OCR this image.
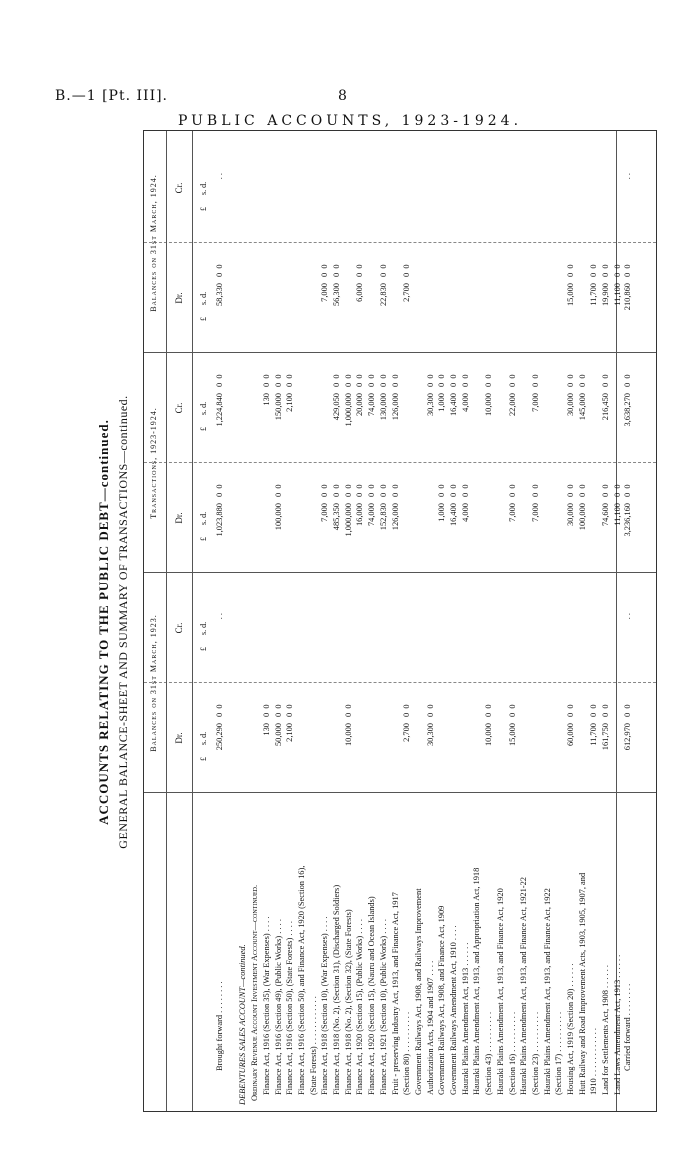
B.—1 [Pt. III].	8
PUBLIC ACCOUNTS, 1923-1924.
ACCOUNTS RELATING TO THE PUBLIC DEBT—continued. GENERAL BALANCE-SHEET AND SUMMARY OF TRANSACTIONS—continued. Balances on 31st March, 1923.
Transactions, 1923-1924.
Balances on 31st March, 1924.
Dr.
Cr.
Dr.
Cr.
Dr.
Cr.
£      s. d.
£      s. d.
£      s. d.
£      s. d.
£      s. d.
£      s. d.
Brought forward . . . . . . . .
250,290
0  0
. .
1,023,880
0  0
1,224,840
0  0
58,330
0  0
. .
DEBENTURES SALES ACCOUNT—continued. Ordinary Revenue Account Investment Account—continued. Finance Act, 1916 (Section 35), (War Expenses) . . . .
130
0  0
130
0  0
Finance Act, 1916 (Section 49), (Public Works) . . . .
50,000
0  0
100,000
0  0
150,000
0  0
Finance Act, 1916 (Section 50), (State Forests) . . . .
2,100
0  0
2,100
0  0
Finance Act, 1916 (Section 50), and Finance Act, 1920 (Section 16), (State Forests) . . . . . . . . . . . . Finance Act, 1918 (Section 10), (War Expenses) . . . .
7,000
0  0
7,000
0  0
Finance Act, 1918 (No. 2), (Section 31), (Discharged Soldiers)
485,350
0  0
429,050
0  0
56,300
0  0
Finance Act, 1918 (No. 2), (Section 32), (State Forests)
10,000
0  0
1,000,000
0  0
1,000,000
0  0
Finance Act, 1920 (Section 15), (Public Works) . . . .
16,000
0  0
20,000
0  0
6,000
0  0
Finance Act, 1920 (Section 15), (Nauru and Ocean Islands)
74,000
0  0
74,000
0  0
Finance Act, 1921 (Section 10), (Public Works) . . . .
152,830
0  0
130,000
0  0
22,830
0  0
Fruit - preserving Industry Act, 1913, and Finance Act, 1917
126,000
0  0
126,000
0  0
(Section 80) . . . . . . . . . .
2,700
0  0
2,700
0  0
Government Railways Act, 1908, and Railways Improvement Authorization Acts, 1904 and 1907 . . . .
30,300
0  0
30,300
0  0
Government Railways Act, 1908, and Finance Act, 1909
1,000
0  0
1,000
0  0
Government Railways Amendment Act, 1910 . . . .
16,400
0  0
16,400
0  0
Hauraki Plains Amendment Act, 1913 . . . . . .
4,000
0  0
4,000
0  0
Hauraki Plains Amendment Act, 1913, and Appropriation Act, 1918 (Section 43) . . . . . . . . . .
10,000
0  0
10,000
0  0
Hauraki Plains Amendment Act, 1913, and Finance Act, 1920 (Section 16) . . . . . . . . . .
15,000
0  0
7,000
0  0
22,000
0  0
Hauraki Plains Amendment Act, 1913, and Finance Act, 1921-22 (Section 23) . . . . . . . . . .
7,000
0  0
7,000
0  0
Hauraki Plains Amendment Act, 1913, and Finance Act, 1922 (Section 17) . . . . . . . . . . Housing Act, 1919 (Section 20) . . . . . .
60,000
0  0
30,000
0  0
30,000
0  0
15,000
0  0
Hutt Railway and Road Improvement Acts, 1903, 1905, 1907, and
100,000
0  0
145,000
0  0
1910 . . . . . . . . . . . .
11,700
0  0
11,700
0  0
Land for Settlements Act, 1908 . . . . . .
161,750
0  0
74,600
0  0
216,450
0  0
19,900
0  0
Land Laws Amendment Act, 1913 . . . . . .
11,100
0  0
11,100
0  0
Carried forward . . . . . . . .
612,970
0  0
. .
3,236,160
0  0
3,638,270
0  0
210,860
0  0
. .
